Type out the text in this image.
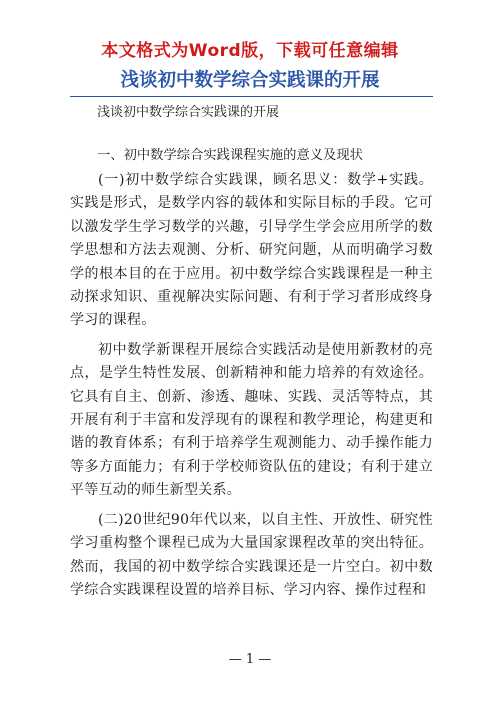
本文格式为Word版，下载可任意编辑
浅谈初中数学综合实践课的开展

浅谈初中数学综合实践课的开展

一、初中数学综合实践课程实施的意义及现状

(一)初中数学综合实践课，顾名思义：数学+实践。实践是形式，是数学内容的载体和实际目标的手段。它可以激发学生学习数学的兴趣，引导学生学会应用所学的数学思想和方法去观测、分析、研究问题，从而明确学习数学的根本目的在于应用。初中数学综合实践课程是一种主动探求知识、重视解决实际问题、有利于学习者形成终身学习的课程。

初中数学新课程开展综合实践活动是使用新教材的亮点，是学生特性发展、创新精神和能力培养的有效途径。它具有自主、创新、渗透、趣味、实践、灵活等特点，其开展有利于丰富和发浮现有的课程和教学理论，构建更和谐的教育体系；有利于培养学生观测能力、动手操作能力等多方面能力；有利于学校师资队伍的建设；有利于建立平等互动的师生新型关系。

(二)20世纪90年代以来，以自主性、开放性、研究性学习重构整个课程已成为大量国家课程改革的突出特征。然而，我国的初中数学综合实践课还是一片空白。初中数学综合实践课程设置的培养目标、学习内容、操作过程和

— 1 —
